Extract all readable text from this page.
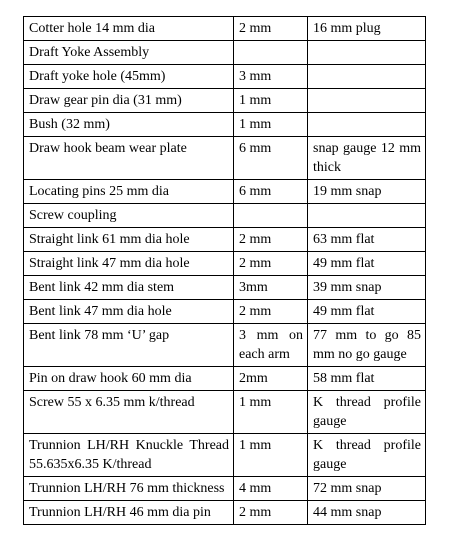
Cotter hole 14 mm dia	2 mm	16 mm plug

Draft Yoke Assembly		

Draft yoke hole (45mm)	3 mm	

Draw gear pin dia (31 mm)	1 mm	

Bush (32 mm)	1 mm	

Draw hook beam wear plate	6 mm	snap gauge 12 mm thick

Locating pins 25 mm dia	6 mm	19 mm snap

Screw coupling		

Straight link 61 mm dia hole	2 mm	63 mm flat

Straight link 47 mm dia hole	2 mm	49 mm flat

Bent link 42 mm dia stem	3mm	39 mm snap

Bent link 47 mm dia hole	2 mm	49 mm flat

Bent link 78 mm ‘U’ gap	3 mm on each arm	77 mm to go 85 mm no go gauge

Pin on draw hook 60 mm dia	2mm	58 mm flat

Screw 55 x 6.35 mm k/thread	1 mm	K thread profile gauge

Trunnion LH/RH Knuckle Thread 55.635x6.35 K/thread	1 mm	K thread profile gauge

Trunnion LH/RH 76 mm thickness	4 mm	72 mm snap

Trunnion LH/RH 46 mm dia pin	2 mm	44 mm snap
